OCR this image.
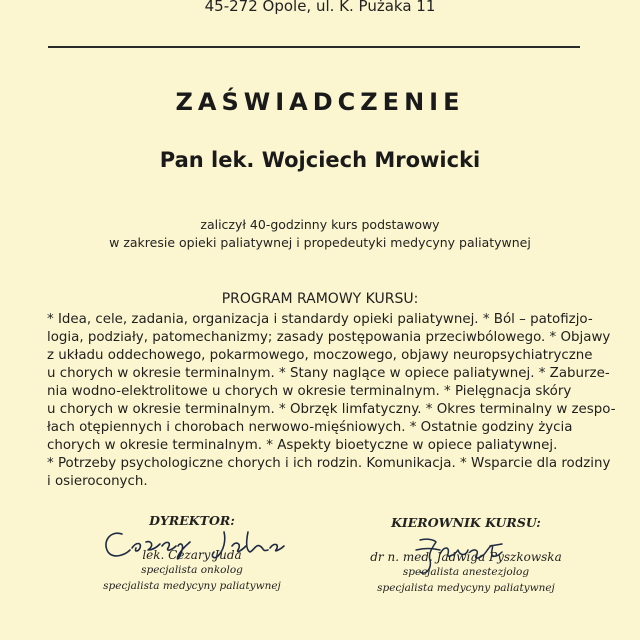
45-272 Opole, ul. K. Pużaka 11
ZAŚWIADCZENIE
Pan lek. Wojciech Mrowicki
zaliczył 40-godzinny kurs podstawowy
w zakresie opieki paliatywnej i propedeutyki medycyny paliatywnej
PROGRAM RAMOWY KURSU:
* Idea, cele, zadania, organizacja i standardy opieki paliatywnej. * Ból – patofizjo-
logia, podziały, patomechanizmy; zasady postępowania przeciwbólowego. * Objawy
z układu oddechowego, pokarmowego, moczowego, objawy neuropsychiatryczne
u chorych w okresie terminalnym. * Stany naglące w opiece paliatywnej. * Zaburze-
nia wodno-elektrolitowe u chorych w okresie terminalnym. * Pielęgnacja skóry
u chorych w okresie terminalnym. * Obrzęk limfatyczny. * Okres terminalny w zespo-
łach otępiennych i chorobach nerwowo-mięśniowych. * Ostatnie godziny życia
chorych w okresie terminalnym. * Aspekty bioetyczne w opiece paliatywnej.
* Potrzeby psychologiczne chorych i ich rodzin. Komunikacja. * Wsparcie dla rodziny
i osieroconych.
DYREKTOR:
lek. Cezary Juda
specjalista onkolog
specjalista medycyny paliatywnej
KIEROWNIK KURSU:
dr n. med. Jadwiga Pyszkowska
specjalista anestezjolog
specjalista medycyny paliatywnej
